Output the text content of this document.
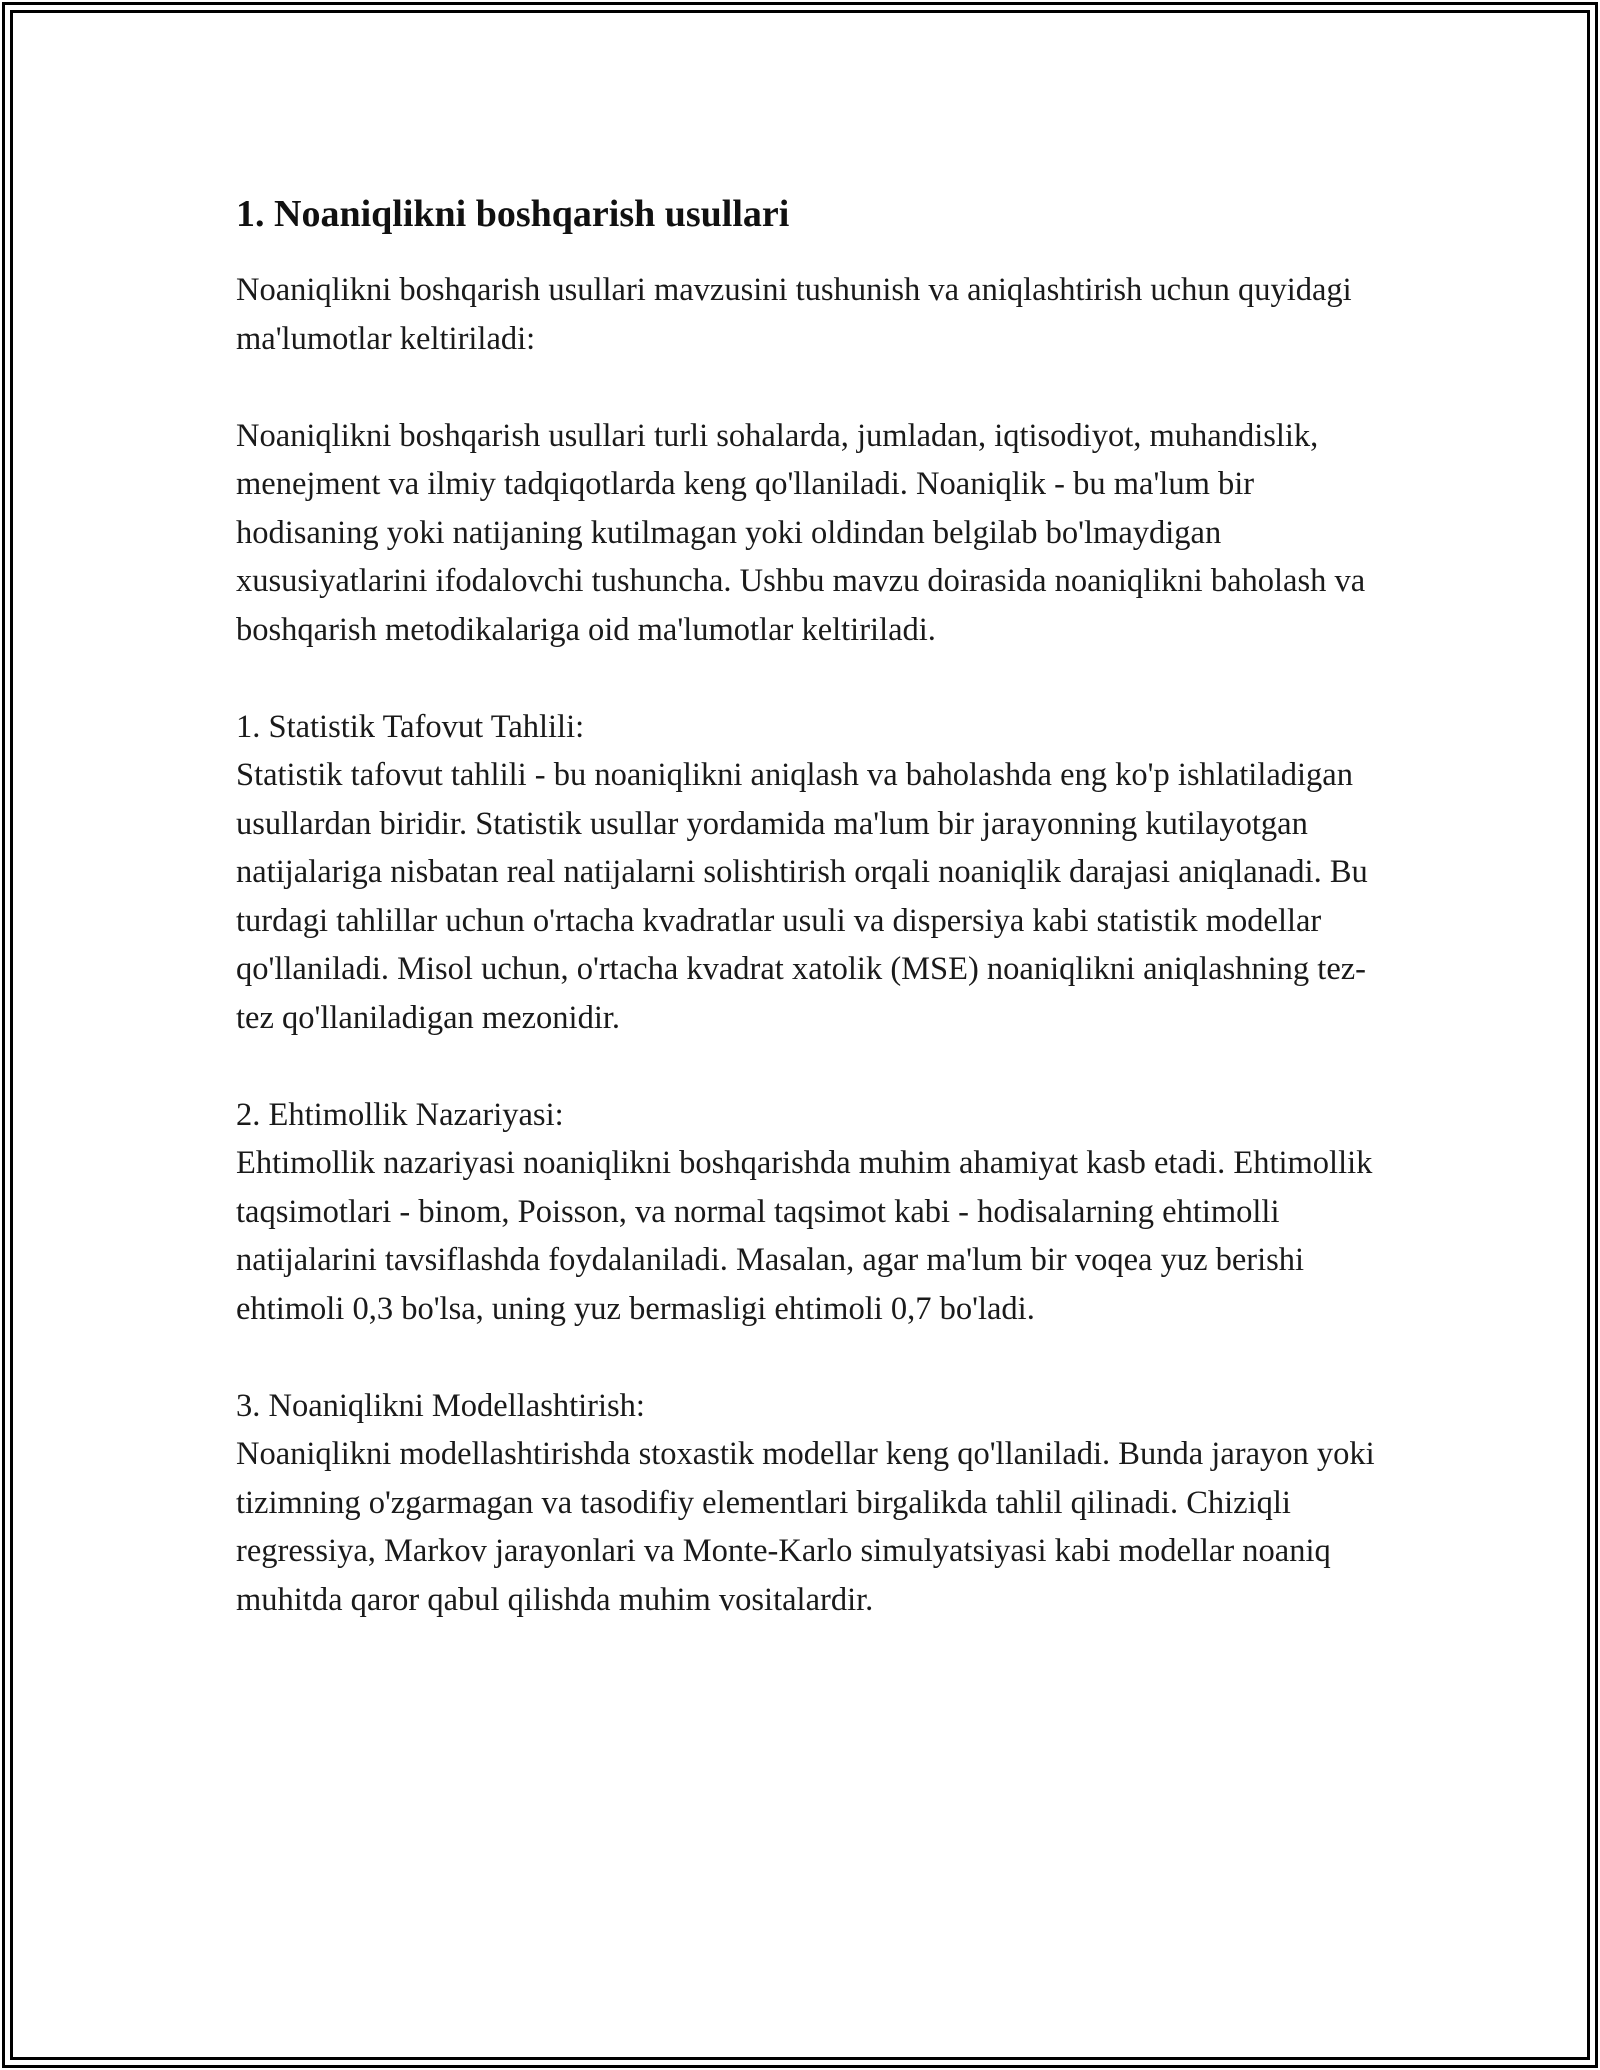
1. Noaniqlikni boshqarish usullari

Noaniqlikni boshqarish usullari mavzusini tushunish va aniqlashtirish uchun quyidagi ma'lumotlar keltiriladi:

Noaniqlikni boshqarish usullari turli sohalarda, jumladan, iqtisodiyot, muhandislik, menejment va ilmiy tadqiqotlarda keng qo'llaniladi. Noaniqlik - bu ma'lum bir hodisaning yoki natijaning kutilmagan yoki oldindan belgilab bo'lmaydigan xususiyatlarini ifodalovchi tushuncha. Ushbu mavzu doirasida noaniqlikni baholash va boshqarish metodikalariga oid ma'lumotlar keltiriladi.

1. Statistik Tafovut Tahlili:

Statistik tafovut tahlili - bu noaniqlikni aniqlash va baholashda eng ko'p ishlatiladigan usullardan biridir. Statistik usullar yordamida ma'lum bir jarayonning kutilayotgan natijalariga nisbatan real natijalarni solishtirish orqali noaniqlik darajasi aniqlanadi. Bu turdagi tahlillar uchun o'rtacha kvadratlar usuli va dispersiya kabi statistik modellar qo'llaniladi. Misol uchun, o'rtacha kvadrat xatolik (MSE) noaniqlikni aniqlashning tez-tez qo'llaniladigan mezonidir.

2. Ehtimollik Nazariyasi:

Ehtimollik nazariyasi noaniqlikni boshqarishda muhim ahamiyat kasb etadi. Ehtimollik taqsimotlari - binom, Poisson, va normal taqsimot kabi - hodisalarning ehtimolli natijalarini tavsiflashda foydalaniladi. Masalan, agar ma'lum bir voqea yuz berishi ehtimoli 0,3 bo'lsa, uning yuz bermasligi ehtimoli 0,7 bo'ladi.

3. Noaniqlikni Modellashtirish:

Noaniqlikni modellashtirishda stoxastik modellar keng qo'llaniladi. Bunda jarayon yoki tizimning o'zgarmagan va tasodifiy elementlari birgalikda tahlil qilinadi. Chiziqli regressiya, Markov jarayonlari va Monte-Karlo simulyatsiyasi kabi modellar noaniq muhitda qaror qabul qilishda muhim vositalardir.
